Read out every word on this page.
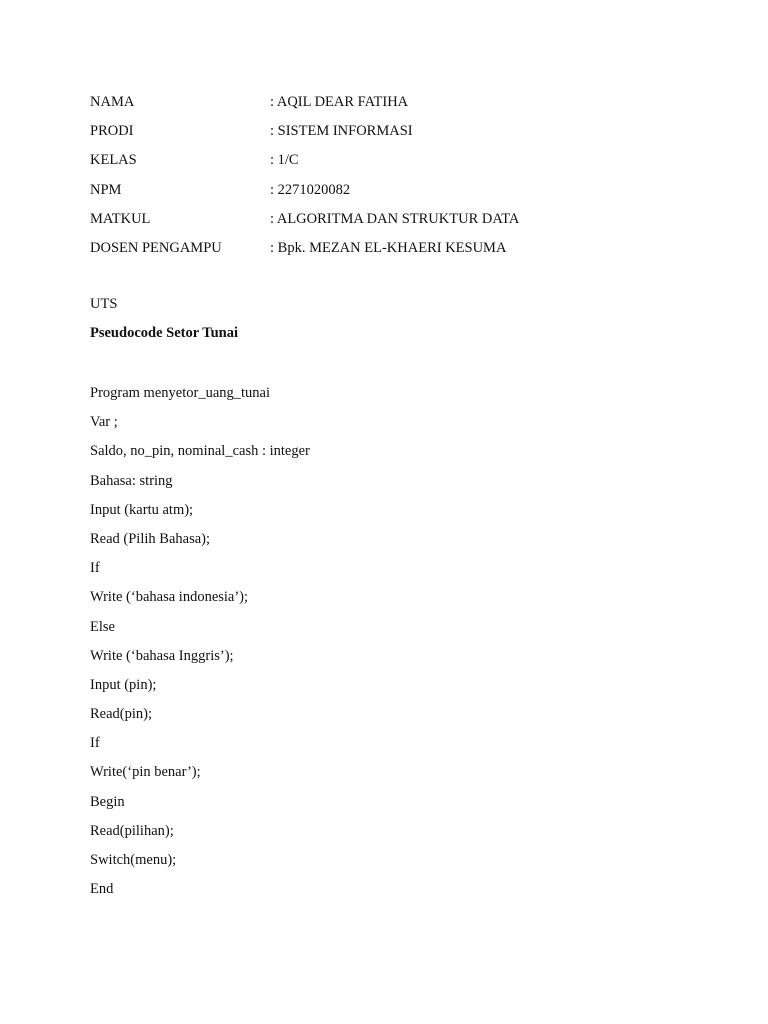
NAMA	: AQIL DEAR FATIHA
PRODI	: SISTEM INFORMASI
KELAS	: 1/C
NPM	: 2271020082
MATKUL	: ALGORITMA DAN STRUKTUR DATA
DOSEN PENGAMPU	: Bpk. MEZAN EL-KHAERI KESUMA
UTS
Pseudocode Setor Tunai
Program menyetor_uang_tunai
Var ;
Saldo, no_pin, nominal_cash : integer
Bahasa: string
Input (kartu atm);
Read (Pilih Bahasa);
If
Write (‘bahasa indonesia’);
Else
Write (‘bahasa Inggris’);
Input (pin);
Read(pin);
If
Write(‘pin benar’);
Begin
Read(pilihan);
Switch(menu);
End
